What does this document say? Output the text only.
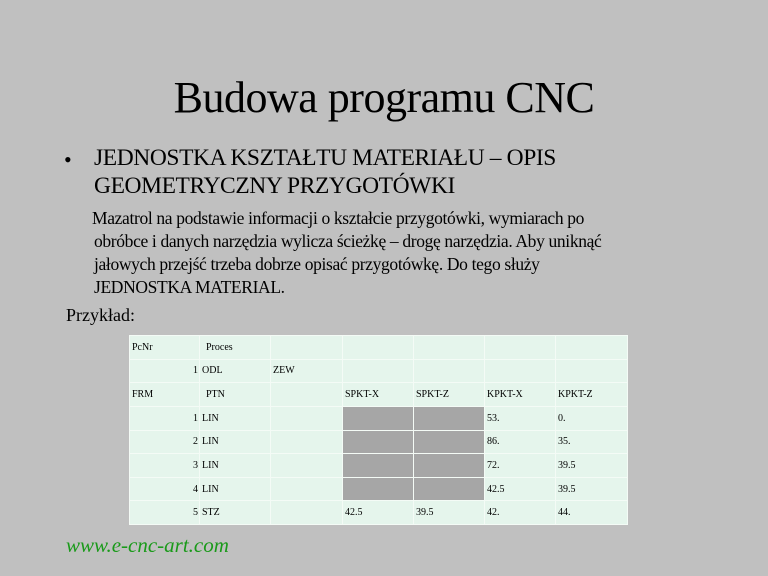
Budowa programu CNC
• JEDNOSTKA KSZTAŁTU MATERIAŁU – OPIS
GEOMETRYCZNY PRZYGOTÓWKI
Mazatrol na podstawie informacji o kształcie przygotówki, wymiarach po
obróbce i danych narzędzia wylicza ścieżkę – drogę narzędzia. Aby uniknąć
jałowych przejść trzeba dobrze opisać przygotówkę. Do tego służy
JEDNOSTKA MATERIAL.
Przykład:
PcNr	Proces					
1	ODL	ZEW				
FRM	PTN		SPKT-X	SPKT-Z	KPKT-X	KPKT-Z
1	LIN				53.	0.
2	LIN				86.	35.
3	LIN				72.	39.5
4	LIN				42.5	39.5
5	STZ		42.5	39.5	42.	44.
www.e-cnc-art.com
